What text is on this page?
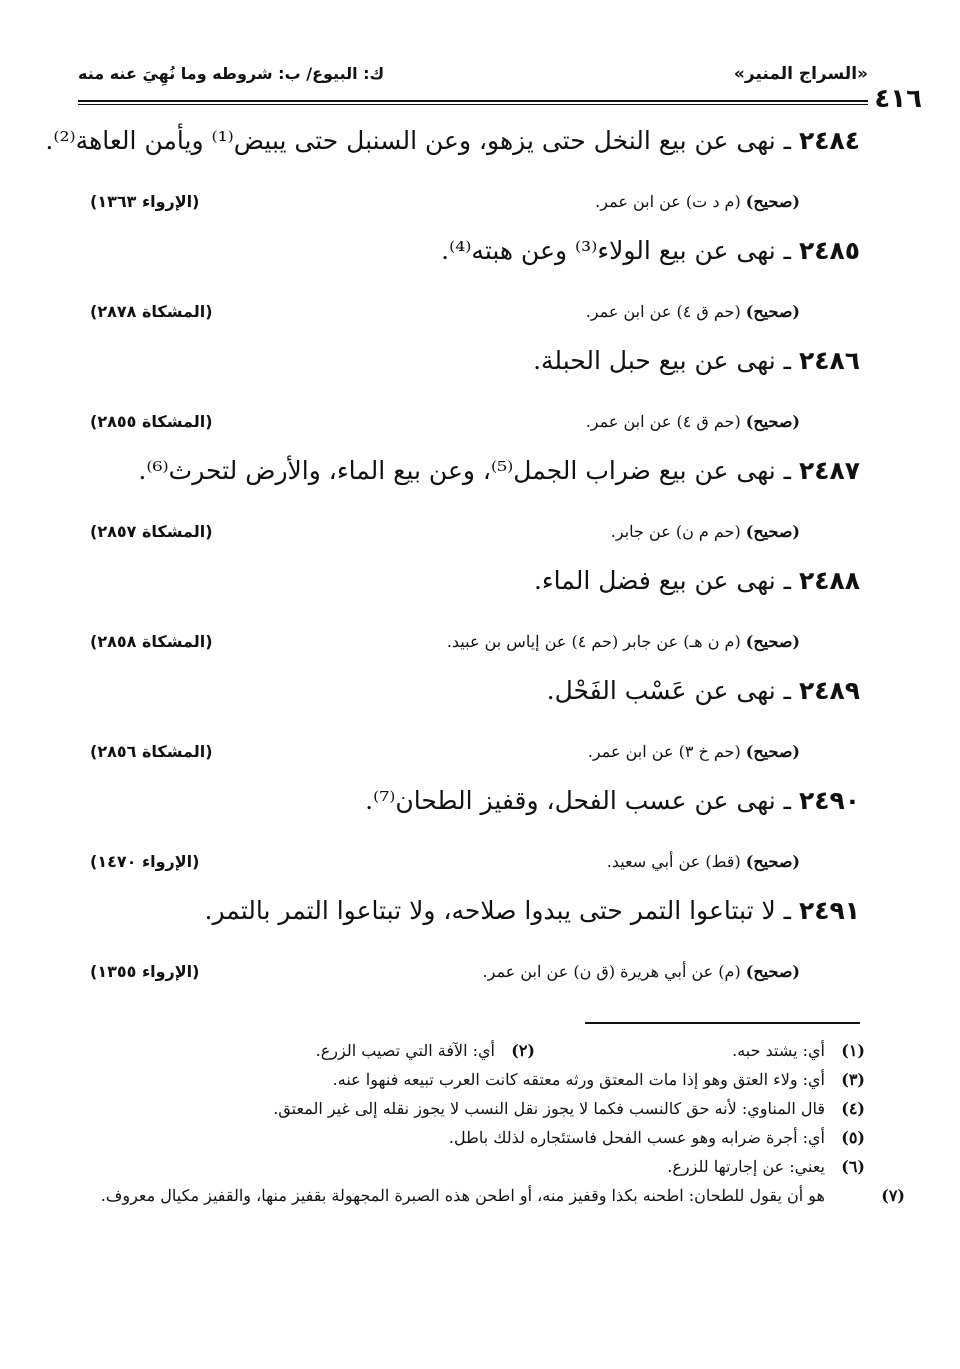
«السراج المنير»
ك: البيوع/ ب: شروطه وما نُهِيَ عنه منه
٤١٦
٢٤٨٤ ـ نهى عن بيع النخل حتى يزهو، وعن السنبل حتى يبيض⁽¹⁾ ويأمن العاهة⁽²⁾.
(صحيح) (م د ت) عن ابن عمر.
(الإرواء ١٣٦٣)
٢٤٨٥ ـ نهى عن بيع الولاء⁽³⁾ وعن هبته⁽⁴⁾.
(صحيح) (حم ق ٤) عن ابن عمر.
(المشكاة ٢٨٧٨)
٢٤٨٦ ـ نهى عن بيع حبل الحبلة.
(صحيح) (حم ق ٤) عن ابن عمر.
(المشكاة ٢٨٥٥)
٢٤٨٧ ـ نهى عن بيع ضراب الجمل⁽⁵⁾، وعن بيع الماء، والأرض لتحرث⁽⁶⁾.
(صحيح) (حم م ن) عن جابر.
(المشكاة ٢٨٥٧)
٢٤٨٨ ـ نهى عن بيع فضل الماء.
(صحيح) (م ن هـ) عن جابر (حم ٤) عن إياس بن عبيد.
(المشكاة ٢٨٥٨)
٢٤٨٩ ـ نهى عن عَسْب الفَحْل.
(صحيح) (حم خ ٣) عن ابن عمر.
(المشكاة ٢٨٥٦)
٢٤٩٠ ـ نهى عن عسب الفحل، وقفيز الطحان⁽⁷⁾.
(صحيح) (قط) عن أبي سعيد.
(الإرواء ١٤٧٠)
٢٤٩١ ـ لا تبتاعوا التمر حتى يبدوا صلاحه، ولا تبتاعوا التمر بالتمر.
(صحيح) (م) عن أبي هريرة (ق ن) عن ابن عمر.
(الإرواء ١٣٥٥)
(١)أي: يشتد حبه.
(٢)أي: الآفة التي تصيب الزرع.
(٣)أي: ولاء العتق وهو إذا مات المعتق ورثه معتقه كانت العرب تبيعه فنهوا عنه.
(٤)قال المناوي: لأنه حق كالنسب فكما لا يجوز نقل النسب لا يجوز نقله إلى غير المعتق.
(٥)أي: أجرة ضرابه وهو عسب الفحل فاستئجاره لذلك باطل.
(٦)يعني: عن إجارتها للزرع.
(٧)هو أن يقول للطحان: اطحنه بكذا وقفيز منه، أو اطحن هذه الصبرة المجهولة بقفيز منها، والقفيز مكيال معروف.
